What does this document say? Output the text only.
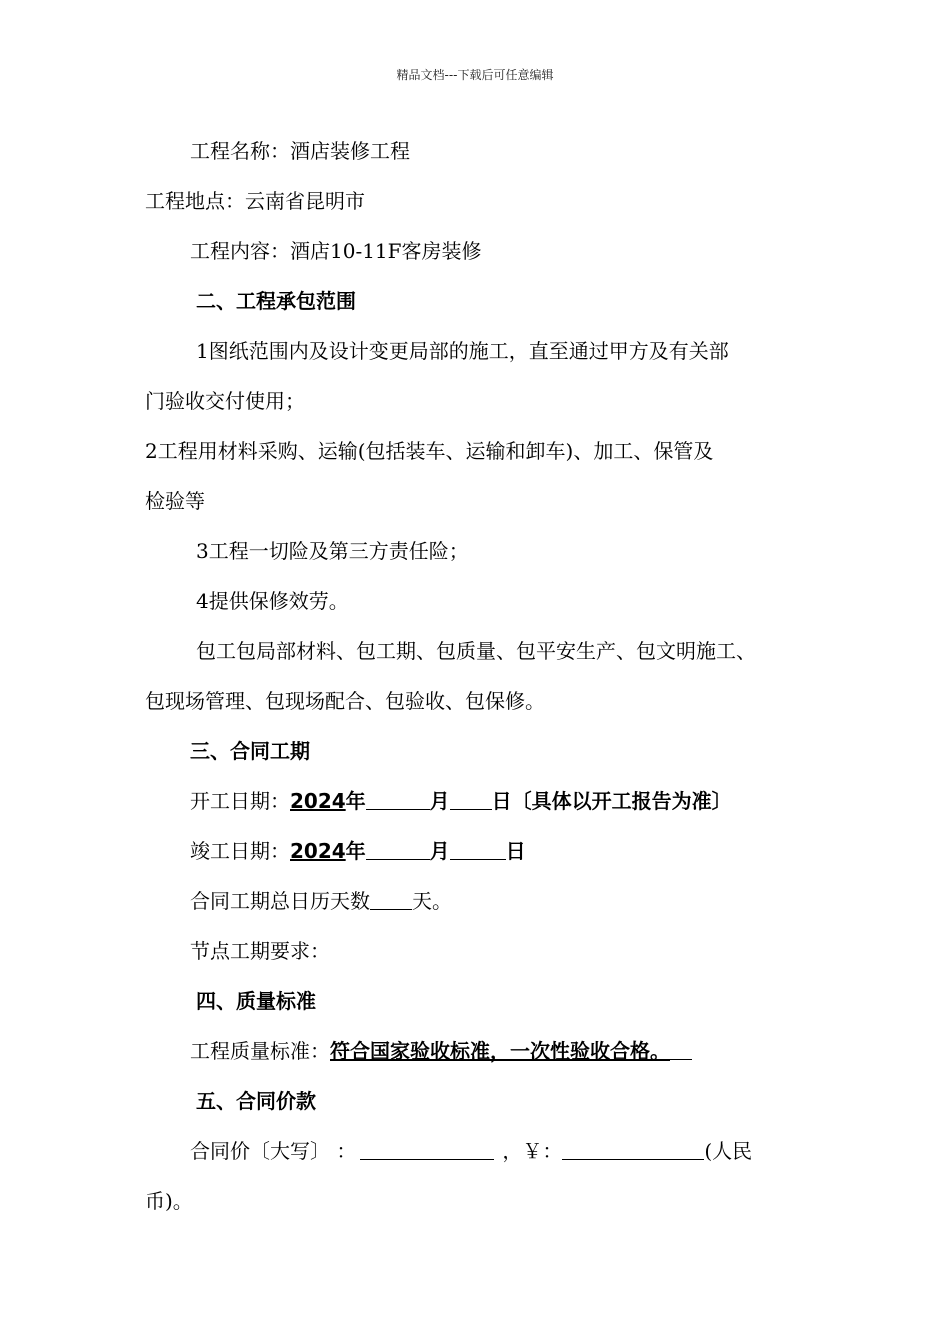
精品文档---下载后可任意编辑
工程名称：酒店装修工程
工程地点：云南省昆明市
工程内容：酒店10-11F客房装修
二、工程承包范围
1图纸范围内及设计变更局部的施工，直至通过甲方及有关部
门验收交付使用；
2工程用材料采购、运输(包括装车、运输和卸车)、加工、保管及
检验等
3工程一切险及第三方责任险；
4提供保修效劳。
包工包局部材料、包工期、包质量、包平安生产、包文明施工、
包现场管理、包现场配合、包验收、包保修。
三、合同工期
开工日期：2024年	月 日〔具体以开工报告为准〕
竣工日期：2024年	月	日
合同工期总日历天数 天。
节点工期要求：
四、质量标准
工程质量标准：符合国家验收标准，一次性验收合格。
五、合同价款
合同价〔大写〕 ：	，￥：	(人民
币)。
